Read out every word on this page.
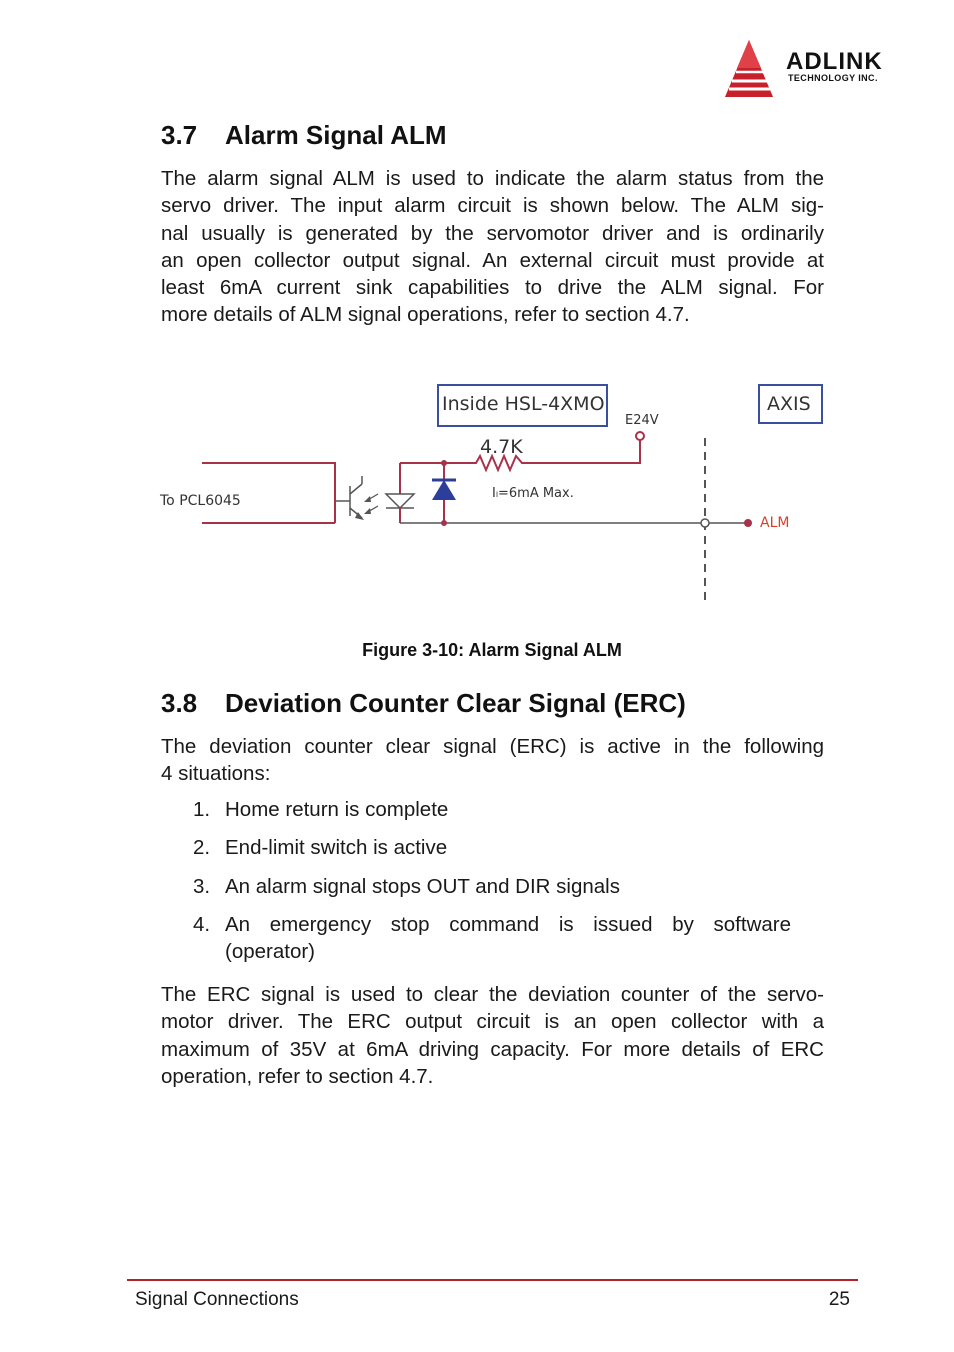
ADLINK
TECHNOLOGY INC.
3.7 Alarm Signal ALM
The alarm signal ALM is used to indicate the alarm status from the
servo driver. The input alarm circuit is shown below. The ALM sig-
nal usually is generated by the servomotor driver and is ordinarily
an open collector output signal. An external circuit must provide at
least 6mA current sink capabilities to drive the ALM signal. For
more details of ALM signal operations, refer to section 4.7.
Inside HSL-4XMO	AXIS
E24V
4.7K
Iₗ=6mA Max.
To PCL6045
ALM
Figure 3-10: Alarm Signal ALM
3.8 Deviation Counter Clear Signal (ERC)
The deviation counter clear signal (ERC) is active in the following
4 situations:
1. Home return is complete
2. End-limit switch is active
3. An alarm signal stops OUT and DIR signals
4. An emergency stop command is issued by software
(operator)
The ERC signal is used to clear the deviation counter of the servo-
motor driver. The ERC output circuit is an open collector with a
maximum of 35V at 6mA driving capacity. For more details of ERC
operation, refer to section 4.7.
Signal Connections	25
